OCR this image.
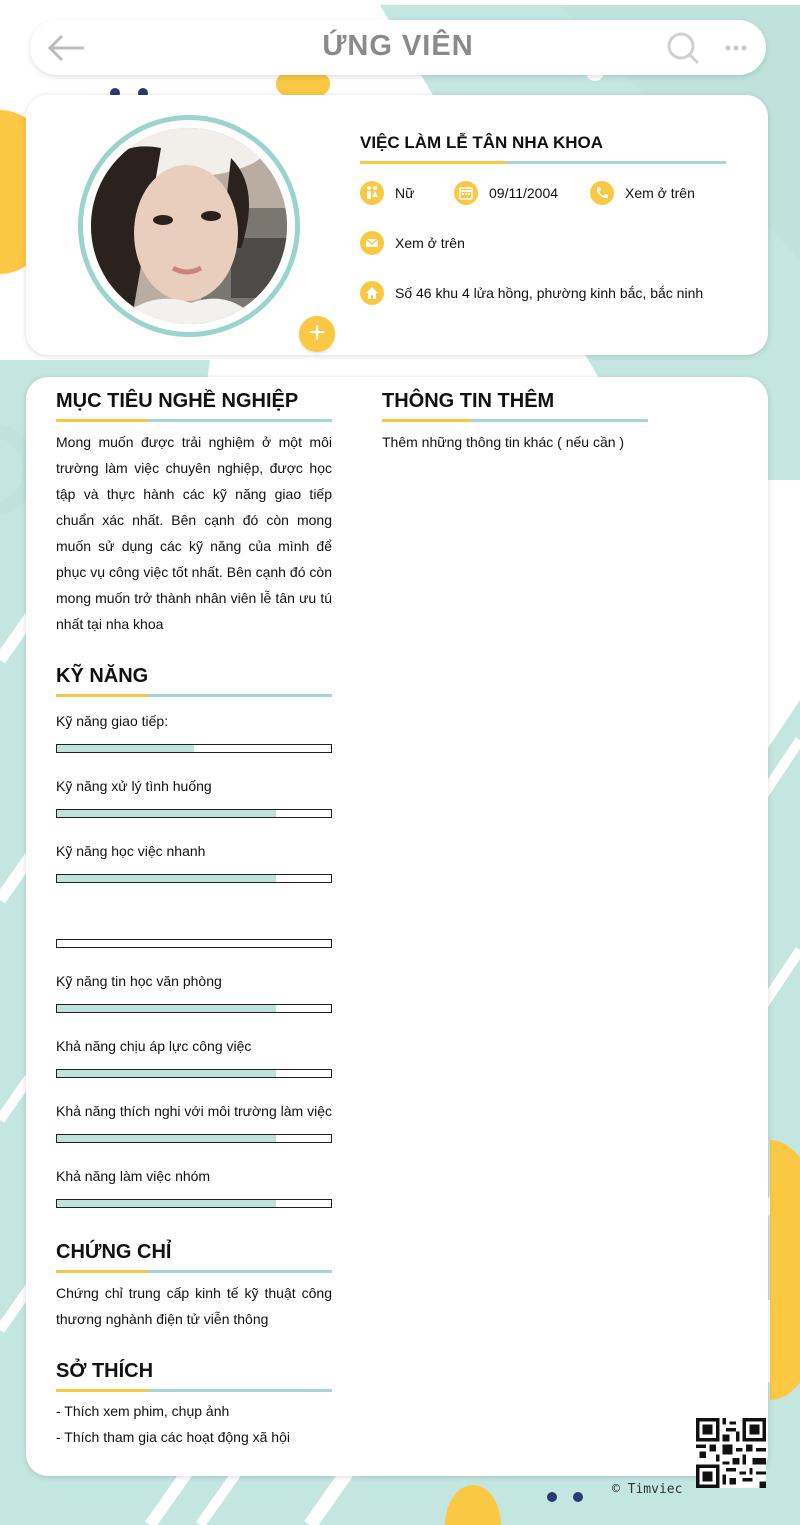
ỨNG VIÊN
+
VIỆC LÀM LỄ TÂN NHA KHOA
Nữ	09/11/2004	Xem ở trên
Xem ở trên
Số 46 khu 4 lửa hồng, phường kinh bắc, bắc ninh
MỤC TIÊU NGHỀ NGHIỆP
Mong muốn được trải nghiệm ở một môi trường làm việc chuyên nghiệp, được học tập và thực hành các kỹ năng giao tiếp chuẩn xác nhất. Bên cạnh đó còn mong muốn sử dụng các kỹ năng của mình để phục vụ công việc tốt nhất. Bên cạnh đó còn mong muốn trở thành nhân viên lễ tân ưu tú nhất tại nha khoa
THÔNG TIN THÊM
Thêm những thông tin khác ( nếu cần )
KỸ NĂNG
Kỹ năng giao tiếp:
Kỹ năng xử lý tình huống
Kỹ năng học việc nhanh
Kỹ năng tin học văn phòng
Khả năng chịu áp lực công việc
Khả năng thích nghi với môi trường làm việc
Khả năng làm việc nhóm
CHỨNG CHỈ
Chứng chỉ trung cấp kinh tế kỹ thuật công thương nghành điện tử viễn thông
SỞ THÍCH
- Thích xem phim, chụp ảnh
- Thích tham gia các hoạt động xã hội
© Timviec
